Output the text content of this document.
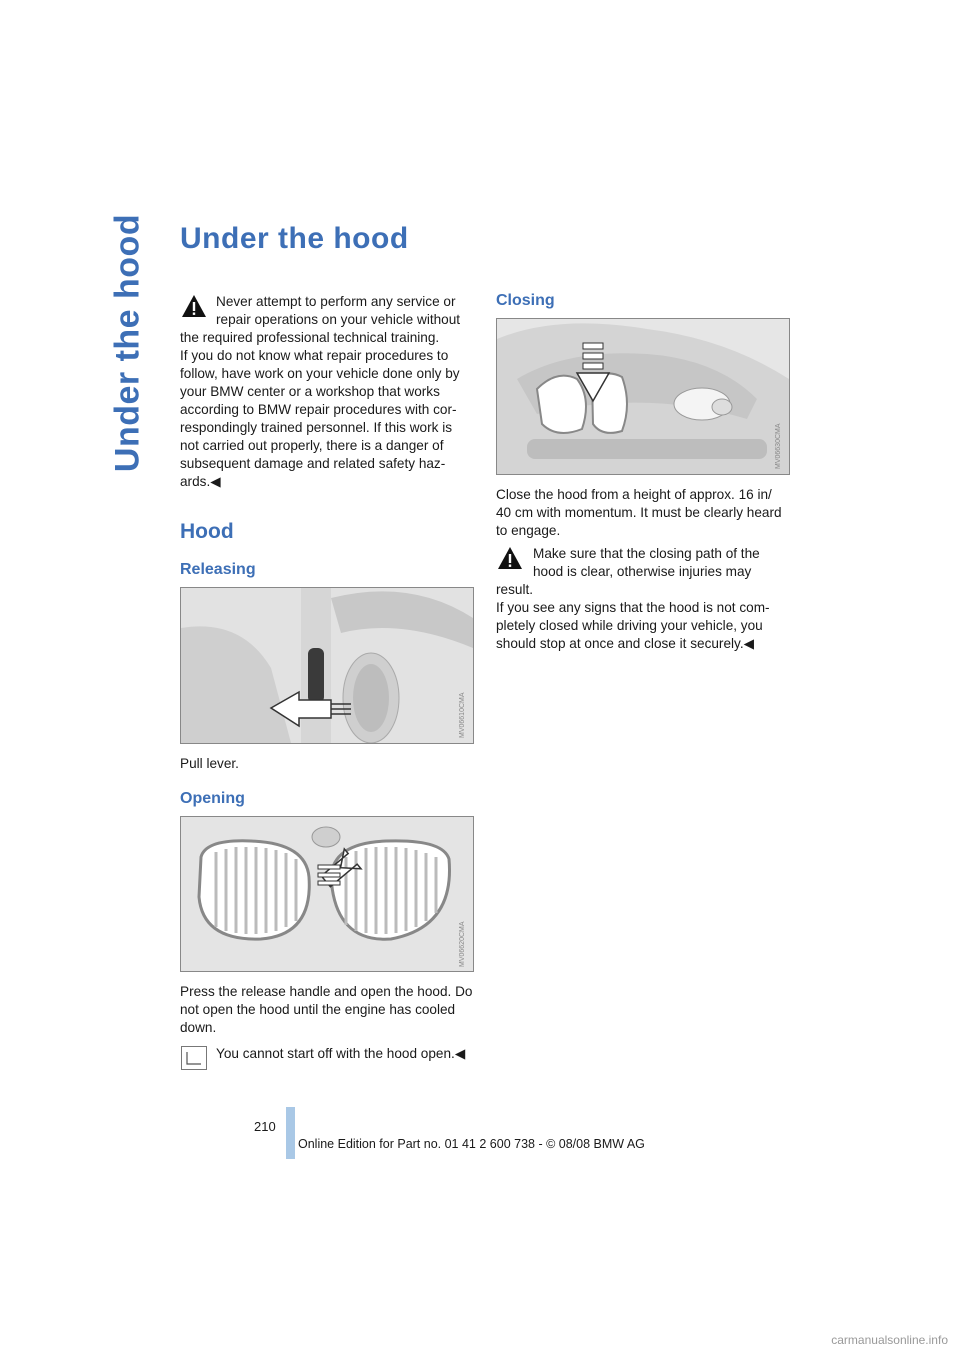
Under the hood Under the hood

Never attempt to perform any service or

repair operations on your vehicle without

the required professional technical training.

If you do not know what repair procedures to

follow, have work on your vehicle done only by

your BMW center or a workshop that works

according to BMW repair procedures with cor-

respondingly trained personnel. If this work is

not carried out properly, there is a danger of

subsequent damage and related safety haz-

ards.◀

Hood
Releasing
MV06610CMA

Pull lever.

Opening
MV06620CMA

Press the release handle and open the hood. Do

not open the hood until the engine has cooled

down.

You cannot start off with the hood open.◀

Closing
MV06630CMA

Close the hood from a height of approx. 16 in/

40 cm with momentum. It must be clearly heard

to engage.

Make sure that the closing path of the

hood is clear, otherwise injuries may

result.

If you see any signs that the hood is not com-

pletely closed while driving your vehicle, you

should stop at once and close it securely.◀

210
Online Edition for Part no. 01 41 2 600 738 - © 08/08 BMW AG
carmanualsonline.info
